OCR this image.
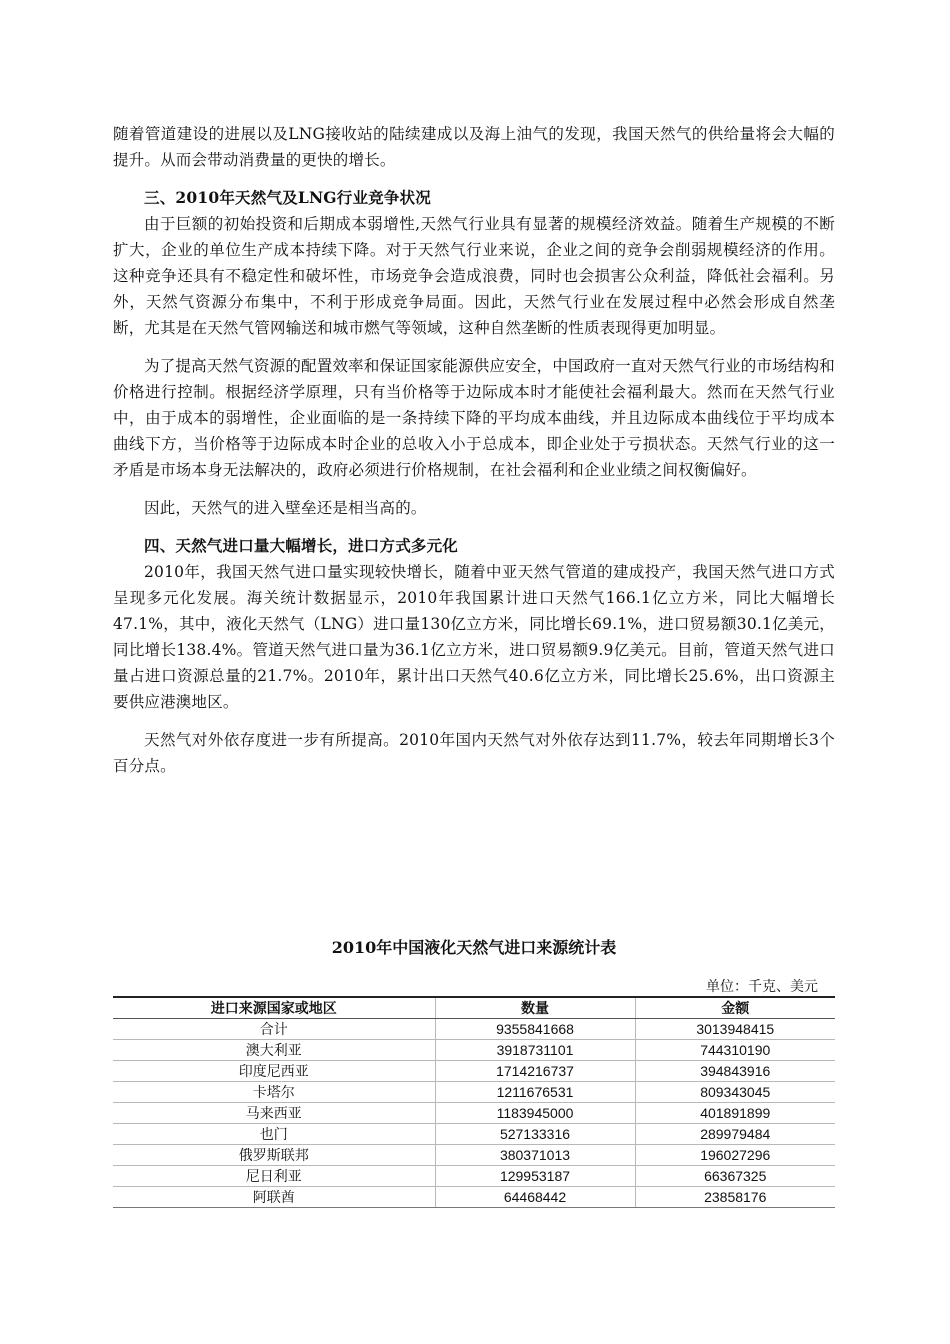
随着管道建设的进展以及LNG接收站的陆续建成以及海上油气的发现，我国天然气的供给量将会大幅的提升。从而会带动消费量的更快的增长。

三、2010年天然气及LNG行业竞争状况

由于巨额的初始投资和后期成本弱增性,天然气行业具有显著的规模经济效益。随着生产规模的不断扩大，企业的单位生产成本持续下降。对于天然气行业来说，企业之间的竞争会削弱规模经济的作用。这种竞争还具有不稳定性和破坏性，市场竞争会造成浪费，同时也会损害公众利益，降低社会福利。另外，天然气资源分布集中，不利于形成竞争局面。因此，天然气行业在发展过程中必然会形成自然垄断，尤其是在天然气管网输送和城市燃气等领域，这种自然垄断的性质表现得更加明显。

为了提高天然气资源的配置效率和保证国家能源供应安全，中国政府一直对天然气行业的市场结构和价格进行控制。根据经济学原理，只有当价格等于边际成本时才能使社会福利最大。然而在天然气行业中，由于成本的弱增性，企业面临的是一条持续下降的平均成本曲线，并且边际成本曲线位于平均成本曲线下方，当价格等于边际成本时企业的总收入小于总成本，即企业处于亏损状态。天然气行业的这一矛盾是市场本身无法解决的，政府必须进行价格规制，在社会福利和企业业绩之间权衡偏好。

因此，天然气的进入壁垒还是相当高的。

四、天然气进口量大幅增长，进口方式多元化

2010年，我国天然气进口量实现较快增长，随着中亚天然气管道的建成投产，我国天然气进口方式呈现多元化发展。海关统计数据显示，2010年我国累计进口天然气166.1亿立方米，同比大幅增长47.1%，其中，液化天然气（LNG）进口量130亿立方米，同比增长69.1%，进口贸易额30.1亿美元，同比增长138.4%。管道天然气进口量为36.1亿立方米，进口贸易额9.9亿美元。目前，管道天然气进口量占进口资源总量的21.7%。2010年，累计出口天然气40.6亿立方米，同比增长25.6%，出口资源主要供应港澳地区。

天然气对外依存度进一步有所提高。2010年国内天然气对外依存达到11.7%，较去年同期增长3个百分点。

2010年中国液化天然气进口来源统计表
单位：千克、美元
进口来源国家或地区	数量	金额
合计	9355841668	3013948415
澳大利亚	3918731101	744310190
印度尼西亚	1714216737	394843916
卡塔尔	1211676531	809343045
马来西亚	1183945000	401891899
也门	527133316	289979484
俄罗斯联邦	380371013	196027296
尼日利亚	129953187	66367325
阿联酋	64468442	23858176
